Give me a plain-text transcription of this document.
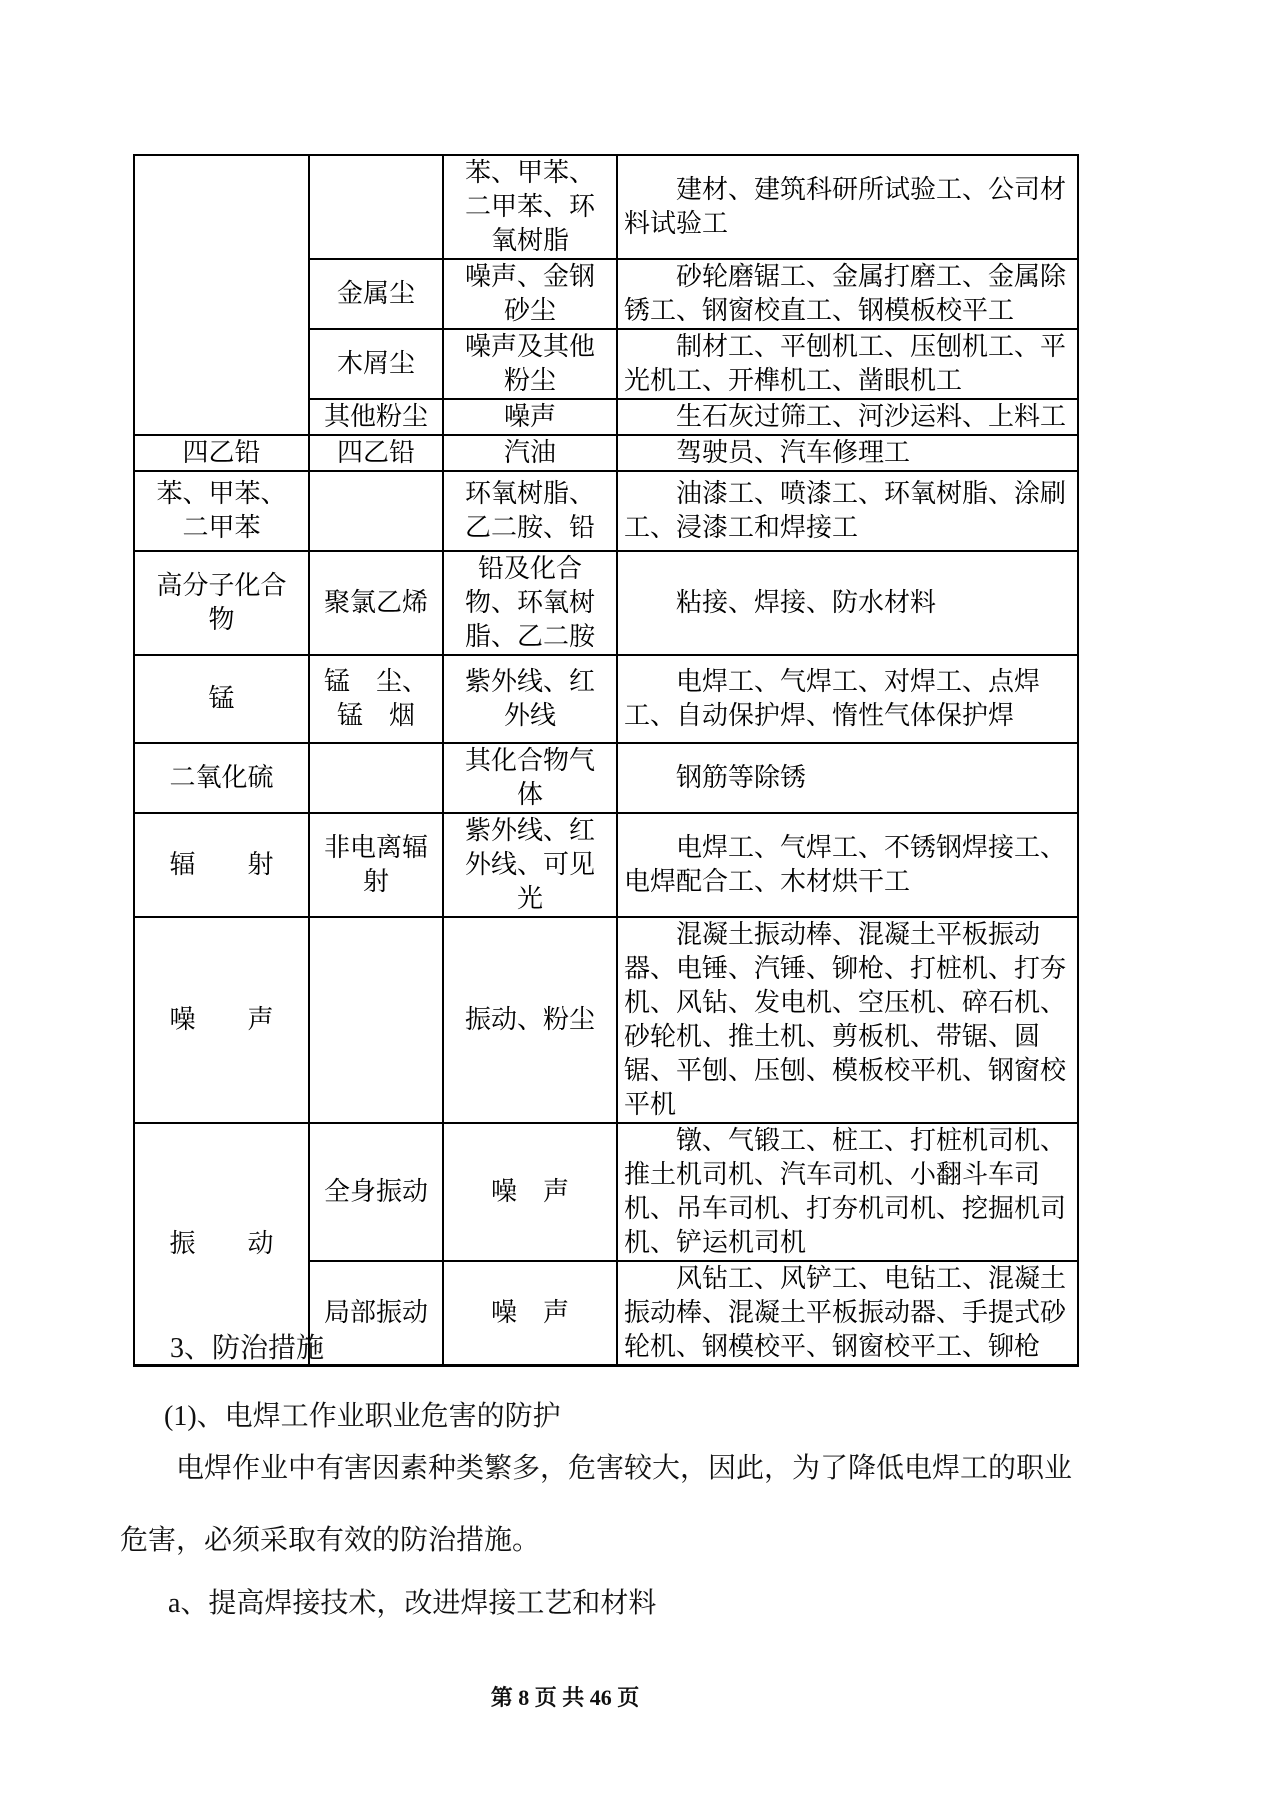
		苯、甲苯、二甲苯、环氧树脂	建材、建筑科研所试验工、公司材料试验工
	金属尘	噪声、金钢砂尘	砂轮磨锯工、金属打磨工、金属除锈工、钢窗校直工、钢模板校平工
	木屑尘	噪声及其他粉尘	制材工、平刨机工、压刨机工、平光机工、开榫机工、凿眼机工
	其他粉尘	噪声	生石灰过筛工、河沙运料、上料工
四乙铅	四乙铅	汽油	驾驶员、汽车修理工
苯、甲苯、二甲苯		环氧树脂、乙二胺、铅	油漆工、喷漆工、环氧树脂、涂刷工、浸漆工和焊接工
高分子化合物	聚氯乙烯	铅及化合物、环氧树脂、乙二胺	粘接、焊接、防水材料
锰	锰　尘、锰　烟	紫外线、红外线	电焊工、气焊工、对焊工、点焊工、自动保护焊、惰性气体保护焊
二氧化硫		其化合物气体	钢筋等除锈
辐　　射	非电离辐射	紫外线、红外线、可见光	电焊工、气焊工、不锈钢焊接工、电焊配合工、木材烘干工
噪　　声		振动、粉尘	混凝土振动棒、混凝土平板振动器、电锤、汽锤、铆枪、打桩机、打夯机、风钻、发电机、空压机、碎石机、砂轮机、推土机、剪板机、带锯、圆锯、平刨、压刨、模板校平机、钢窗校平机
振　　动	全身振动	噪　声	镦、气锻工、桩工、打桩机司机、推土机司机、汽车司机、小翻斗车司机、吊车司机、打夯机司机、挖掘机司机、铲运机司机
	局部振动	噪　声	风钻工、风铲工、电钻工、混凝土振动棒、混凝土平板振动器、手提式砂轮机、钢模校平、钢窗校平工、铆枪
3、防治措施
(1)、电焊工作业职业危害的防护
电焊作业中有害因素种类繁多，危害较大，因此，为了降低电焊工的职业危害，必须采取有效的防治措施。
a、提高焊接技术，改进焊接工艺和材料
第 8 页 共 46 页
